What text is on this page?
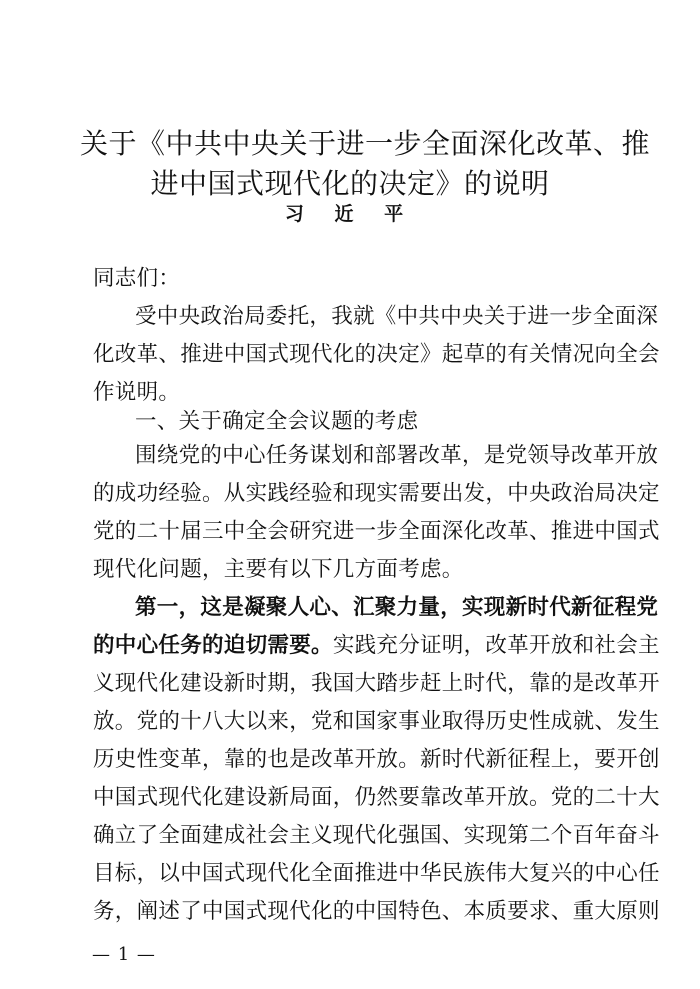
关于《中共中央关于进一步全面深化改革、推
进中国式现代化的决定》的说明
习 近 平
同志们：
受中央政治局委托，我就《中共中央关于进一步全面深
化改革、推进中国式现代化的决定》起草的有关情况向全会
作说明。
一、关于确定全会议题的考虑
围绕党的中心任务谋划和部署改革，是党领导改革开放
的成功经验。从实践经验和现实需要出发，中央政治局决定
党的二十届三中全会研究进一步全面深化改革、推进中国式
现代化问题，主要有以下几方面考虑。
第一，这是凝聚人心、汇聚力量，实现新时代新征程党
的中心任务的迫切需要。实践充分证明，改革开放和社会主
义现代化建设新时期，我国大踏步赶上时代，靠的是改革开
放。党的十八大以来，党和国家事业取得历史性成就、发生
历史性变革，靠的也是改革开放。新时代新征程上，要开创
中国式现代化建设新局面，仍然要靠改革开放。党的二十大
确立了全面建成社会主义现代化强国、实现第二个百年奋斗
目标，以中国式现代化全面推进中华民族伟大复兴的中心任
务，阐述了中国式现代化的中国特色、本质要求、重大原则
— 1 —
